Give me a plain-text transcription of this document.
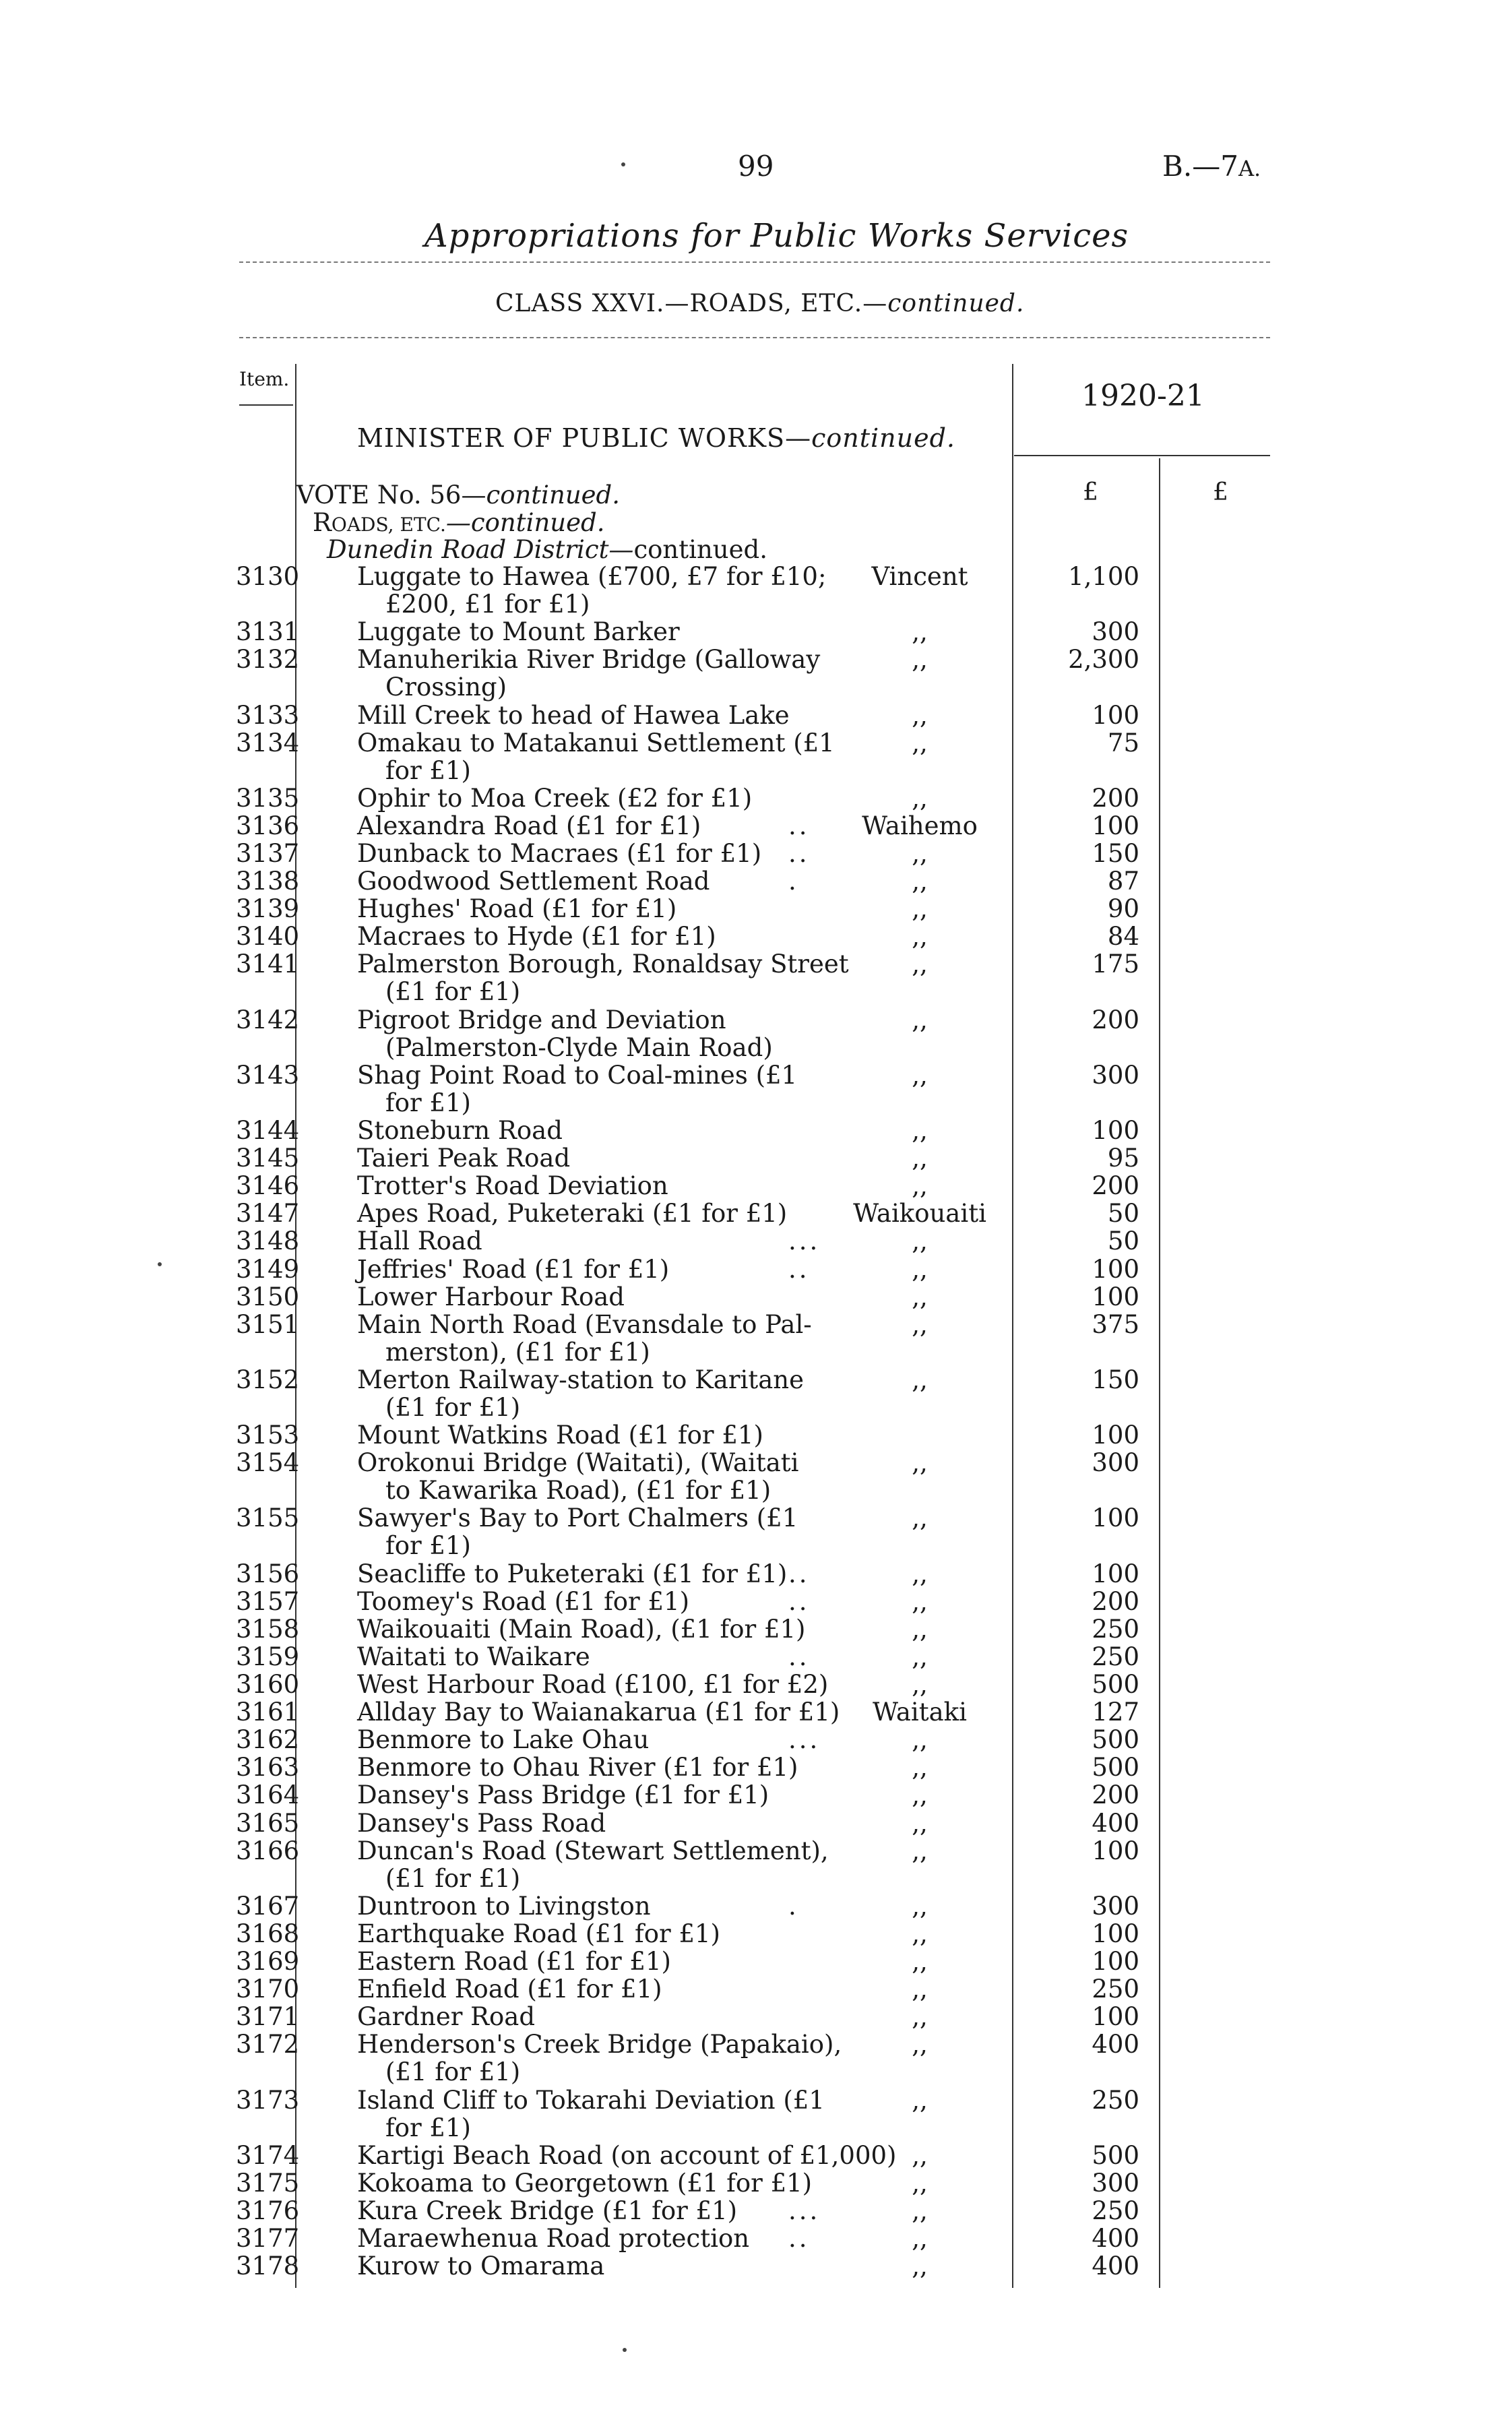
99	B.—7A.
Appropriations for Public Works Services
CLASS XXVI.—ROADS, ETC.—continued.
Item.	1920-21
MINISTER OF PUBLIC WORKS—continued.
£	£
VOTE No. 56—continued.
ROADS, ETC.—continued.
Dunedin Road District—continued.
3130 Luggate to Hawea (£700, £7 for £10;
£200, £1 for £1)
Vincent	1,100
3131 Luggate to Mount Barker	,,	300
3132 Manuherikia River Bridge (Galloway
Crossing)
,,	2,300
3133 Mill Creek to head of Hawea Lake	,,	100
3134 Omakau to Matakanui Settlement (£1
for £1)
,,	75
3135 Ophir to Moa Creek (£2 for £1)	,,	200
3136 Alexandra Road (£1 for £1)	..	Waihemo	100
3137 Dunback to Macraes (£1 for £1) ..	,,	150
3138 Goodwood Settlement Road	.	,,	87
3139 Hughes' Road (£1 for £1)	,,	90
3140 Macraes to Hyde (£1 for £1)	,,	84
3141 Palmerston Borough, Ronaldsay Street
(£1 for £1)
,,	175
3142 Pigroot Bridge and Deviation
(Palmerston-Clyde Main Road)
,,	200
3143 Shag Point Road to Coal-mines (£1
for £1)
,,	300
3144 Stoneburn Road	,,	100
3145 Taieri Peak Road	,,	95
3146 Trotter's Road Deviation	,,	200
3147 Apes Road, Puketeraki (£1 for £1)	Waikouaiti	50
3148 Hall Road	...	,,	50
3149 Jeffries' Road (£1 for £1)	..	,,	100
3150 Lower Harbour Road	,,	100
3151 Main North Road (Evansdale to Pal-
merston), (£1 for £1)
,,	375
3152 Merton Railway-station to Karitane
(£1 for £1)
,,	150
3153 Mount Watkins Road (£1 for £1)	100
3154 Orokonui Bridge (Waitati), (Waitati
to Kawarika Road), (£1 for £1)
,,	300
3155 Sawyer's Bay to Port Chalmers (£1
for £1)
,,	100
3156 Seacliffe to Puketeraki (£1 for £1) ..	,,	100
3157 Toomey's Road (£1 for £1)	..	,,	200
3158 Waikouaiti (Main Road), (£1 for £1)	,,	250
3159 Waitati to Waikare	..	,,	250
3160 West Harbour Road (£100, £1 for £2)	,,	500
3161 Allday Bay to Waianakarua (£1 for £1)	Waitaki	127
3162 Benmore to Lake Ohau	...	,,	500
3163 Benmore to Ohau River (£1 for £1)	,,	500
3164 Dansey's Pass Bridge (£1 for £1)	,,	200
3165 Dansey's Pass Road	,,	400
3166 Duncan's Road (Stewart Settlement),
(£1 for £1)
,,	100
3167 Duntroon to Livingston	.	,,	300
3168 Earthquake Road (£1 for £1)	,,	100
3169 Eastern Road (£1 for £1)	,,	100
3170 Enfield Road (£1 for £1)	,,	250
3171 Gardner Road	,,	100
3172 Henderson's Creek Bridge (Papakaio),
(£1 for £1)
,,	400
3173 Island Cliff to Tokarahi Deviation (£1
for £1)
,,	250
3174 Kartigi Beach Road (on account of £1,000) ,,	500
3175 Kokoama to Georgetown (£1 for £1)	,,	300
3176 Kura Creek Bridge (£1 for £1) ...	,,	250
3177 Maraewhenua Road protection ..	,,	400
3178 Kurow to Omarama	,,	400
